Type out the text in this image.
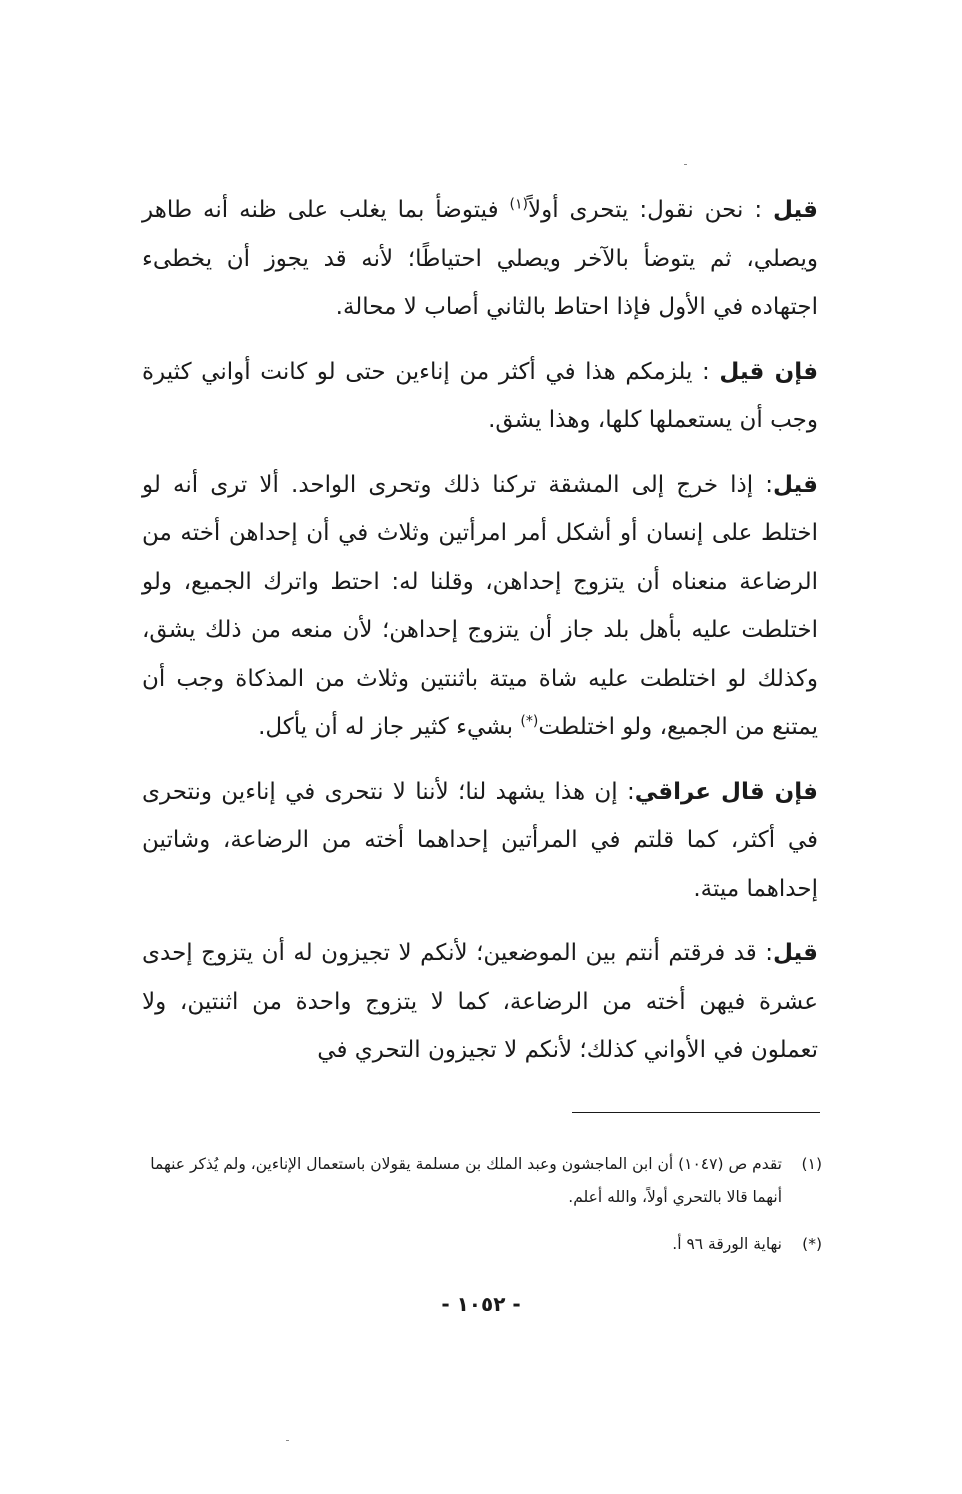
قيل : نحن نقول: يتحرى أولاً$^{(١)}$ فيتوضأ بما يغلب على ظنه أنه طاهر ويصلي، ثم يتوضأ بالآخر ويصلي احتياطًا؛ لأنه قد يجوز أن يخطىء اجتهاده في الأول فإذا احتاط بالثاني أصاب لا محالة.

فإن قيل : يلزمكم هذا في أكثر من إناءين حتى لو كانت أواني كثيرة وجب أن يستعملها كلها، وهذا يشق.

قيل: إذا خرج إلى المشقة تركنا ذلك وتحرى الواحد. ألا ترى أنه لو اختلط على إنسان أو أشكل أمر امرأتين وثلاث في أن إحداهن أخته من الرضاعة منعناه أن يتزوج إحداهن، وقلنا له: احتط واترك الجميع، ولو اختلطت عليه بأهل بلد جاز أن يتزوج إحداهن؛ لأن منعه من ذلك يشق، وكذلك لو اختلطت عليه شاة ميتة باثنتين وثلاث من المذكاة وجب أن يمتنع من الجميع، ولو اختلطت(*) بشيء كثير جاز له أن يأكل.

فإن قال عراقي: إن هذا يشهد لنا؛ لأننا لا نتحرى في إناءين ونتحرى في أكثر، كما قلتم في المرأتين إحداهما أخته من الرضاعة، وشاتين إحداهما ميتة.

قيل: قد فرقتم أنتم بين الموضعين؛ لأنكم لا تجيزون له أن يتزوج إحدى عشرة فيهن أخته من الرضاعة، كما لا يتزوج واحدة من اثنتين، ولا تعملون في الأواني كذلك؛ لأنكم لا تجيزون التحري في

(١)
تقدم ص (١٠٤٧) أن ابن الماجشون وعبد الملك بن مسلمة يقولان باستعمال الإناءين، ولم يُذكر عنهما أنهما قالا بالتحري أولاً، والله أعلم.
(*)
نهاية الورقة ٩٦ أ.
- ١٠٥٢ -
